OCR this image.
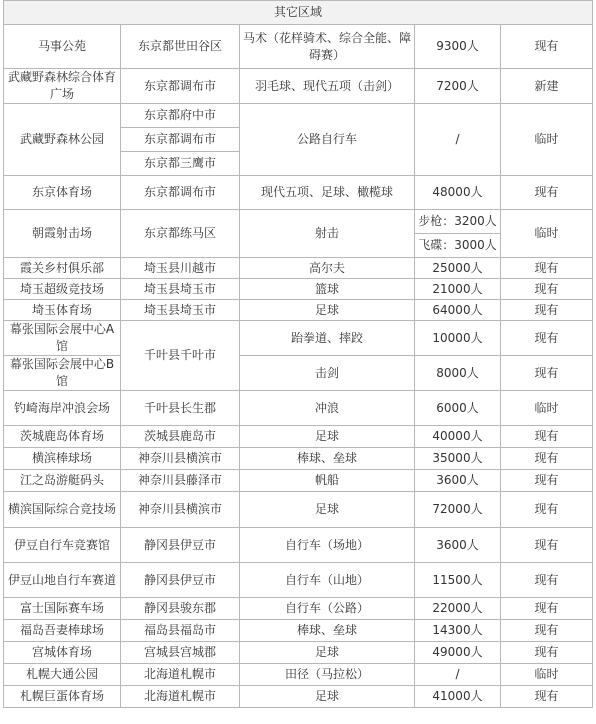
其它区域				
马事公苑	东京都世田谷区	马术（花样骑术、综合全能、障碍赛）	9300人	现有
武藏野森林综合体育广场	东京都调布市	羽毛球、现代五项（击剑）	7200人	新建
武藏野森林公园	东京都府中市	公路自行车	/	临时
	东京都调布市			
	东京都三鹰市			
东京体育场	东京都调布市	现代五项、足球、橄榄球	48000人	现有
朝霞射击场	东京都练马区	射击	步枪：3200人	临时
			飞碟：3000人	
霞关乡村俱乐部	埼玉县川越市	高尔夫	25000人	现有
埼玉超级竞技场	埼玉县埼玉市	篮球	21000人	现有
埼玉体育场	埼玉县埼玉市	足球	64000人	现有
幕张国际会展中心A馆	千叶县千叶市	跆拳道、摔跤	10000人	现有
幕张国际会展中心B馆		击剑	8000人	现有
钓崎海岸冲浪会场	千叶县长生郡	冲浪	6000人	临时
茨城鹿岛体育场	茨城县鹿岛市	足球	40000人	现有
横滨棒球场	神奈川县横滨市	棒球、垒球	35000人	现有
江之岛游艇码头	神奈川县藤泽市	帆船	3600人	现有
横滨国际综合竞技场	神奈川县横滨市	足球	72000人	现有
伊豆自行车竞赛馆	静冈县伊豆市	自行车（场地）	3600人	现有
伊豆山地自行车赛道	静冈县伊豆市	自行车（山地）	11500人	现有
富士国际赛车场	静冈县骏东郡	自行车（公路）	22000人	现有
福岛吾妻棒球场	福岛县福岛市	棒球、垒球	14300人	现有
宫城体育场	宫城县宫城郡	足球	49000人	现有
札幌大通公园	北海道札幌市	田径（马拉松）	/	临时
札幌巨蛋体育场	北海道札幌市	足球	41000人	现有
